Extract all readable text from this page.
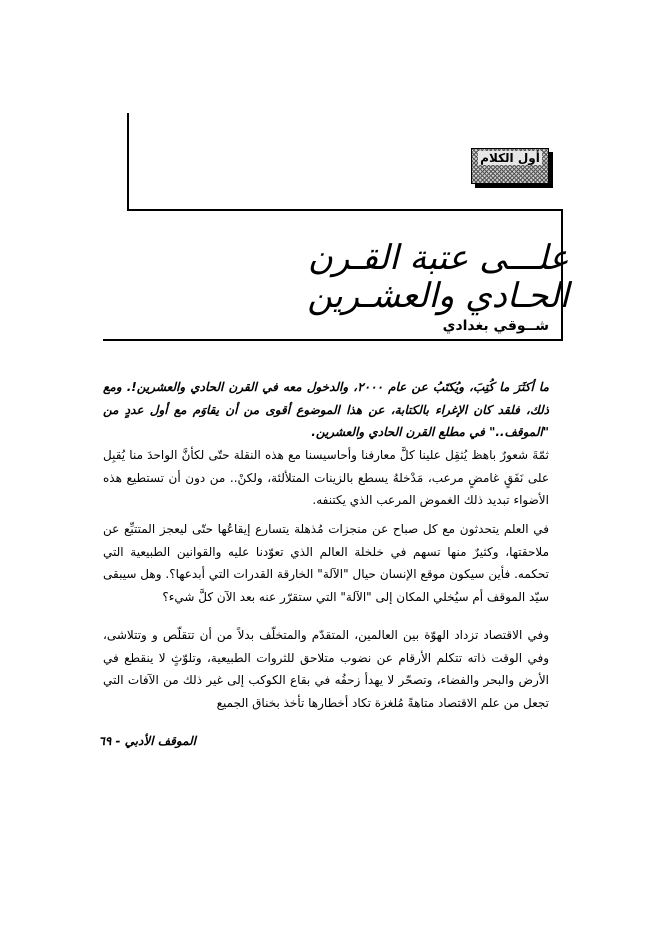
أول الكلام
علـــى عتبة القـرن
الحـادي والعشـرين
شــوقي بغدادي

ما أكثَرَ ما كُتِبَ، ويُكتَبُ عن عام ٢٠٠٠، والدخول معه في القرن الحادي والعشرين!. ومع ذلك، فلقد كان الإغراء بالكتابة، عن هذا الموضوع أقوى من أن يقاوَم مع أول عددٍ من "الموقف.." في مطلع القرن الحادي والعشرين.

ثمّةَ شعورٌ باهظ يُثقِل علينا كلَّ معارفنا وأحاسيسنا مع هذه النقلة حتّى لكأنَّ الواحدَ منا يُقبِل على نَفَقٍ غامضٍ مرعب، مَدْخلهُ يسطع بالزينات المتلألئة، ولكنْ.. من دون أن تستطيع هذه الأضواء تبديد ذلك الغموض المرعب الذي يكتنفه.

في العلم يتحدثون مع كل صباح عن منجزات مُذهلة يتسارع إيقاعُها حتّى ليعجز المتتبِّع عن ملاحقتها، وكثيرٌ منها تسهم في خلخلة العالم الذي تعوّدنا عليه والقوانين الطبيعية التي تحكمه. فأين سيكون موقع الإنسان حيال "الآلة" الخارقة القدرات التي أبدعها؟. وهل سيبقى سيّد الموقف أم سيُخلي المكان إلى "الآلة" التي ستقرّر عنه بعد الآن كلَّ شيء؟

وفي الاقتصاد تزداد الهوّة بين العالمين، المتقدّم والمتخلّف بدلاً من أن تتقلّص و وتتلاشى، وفي الوقت ذاته تتكلم الأرقام عن نضوب متلاحق للثروات الطبيعية، وتلوّثٍ لا ينقطع في الأرض والبحر والفضاء، وتصحّر لا يهدأ زحفُه في بقاع الكوكب إلى غير ذلك من الآفات التي تجعل من علم الاقتصاد متاهةً مُلغزة تكاد أخطارها تأخذ بخناق الجميع

الموقف الأدبي - ٦٩
